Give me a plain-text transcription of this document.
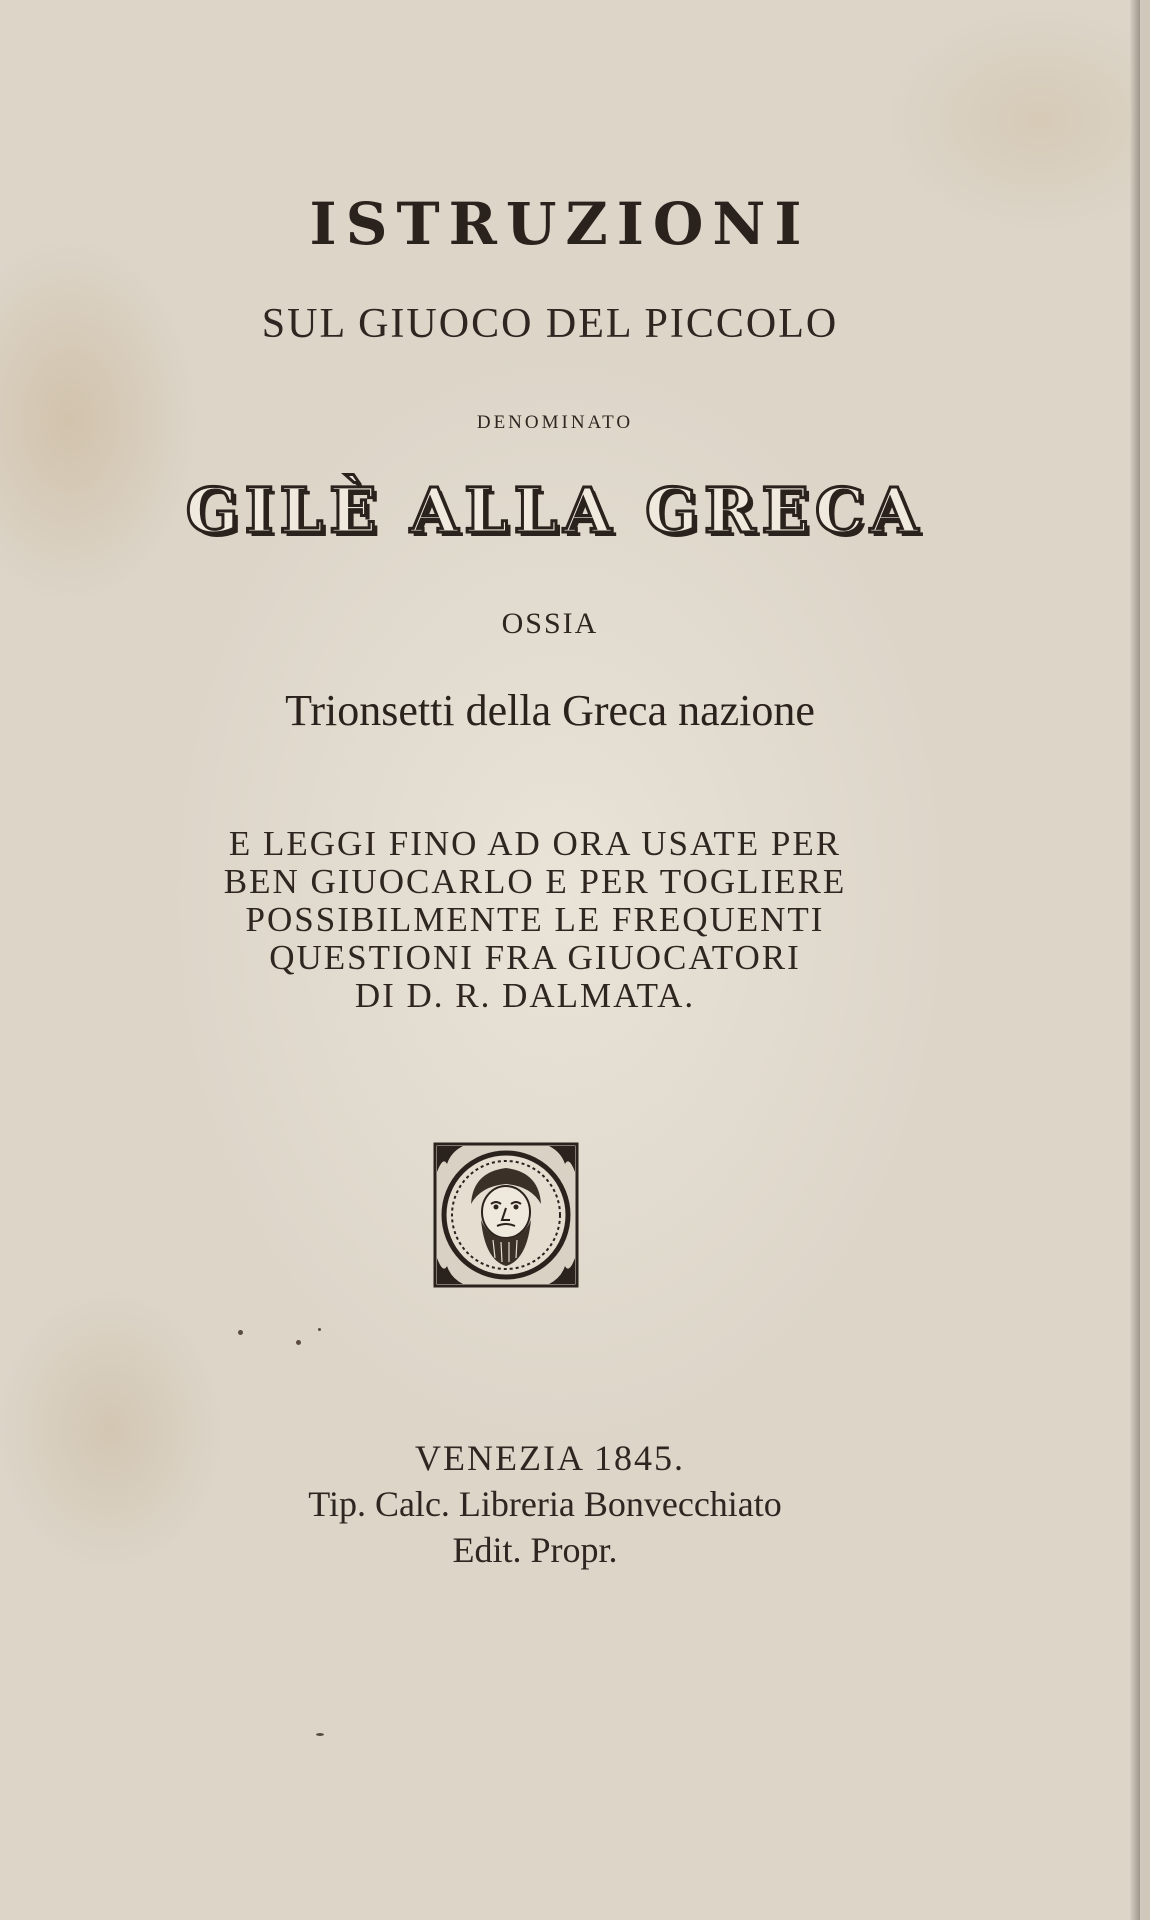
ISTRUZIONI
SUL GIUOCO DEL PICCOLO
DENOMINATO
GILÈ ALLA GRECA
OSSIA
Trionsetti della Greca nazione
E LEGGI FINO AD ORA USATE PER
BEN GIUOCARLO E PER TOGLIERE
POSSIBILMENTE LE FREQUENTI
QUESTIONI FRA GIUOCATORI
DI D. R. DALMATA.
VENEZIA 1845.
Tip. Calc. Libreria Bonvecchiato
Edit. Propr.
